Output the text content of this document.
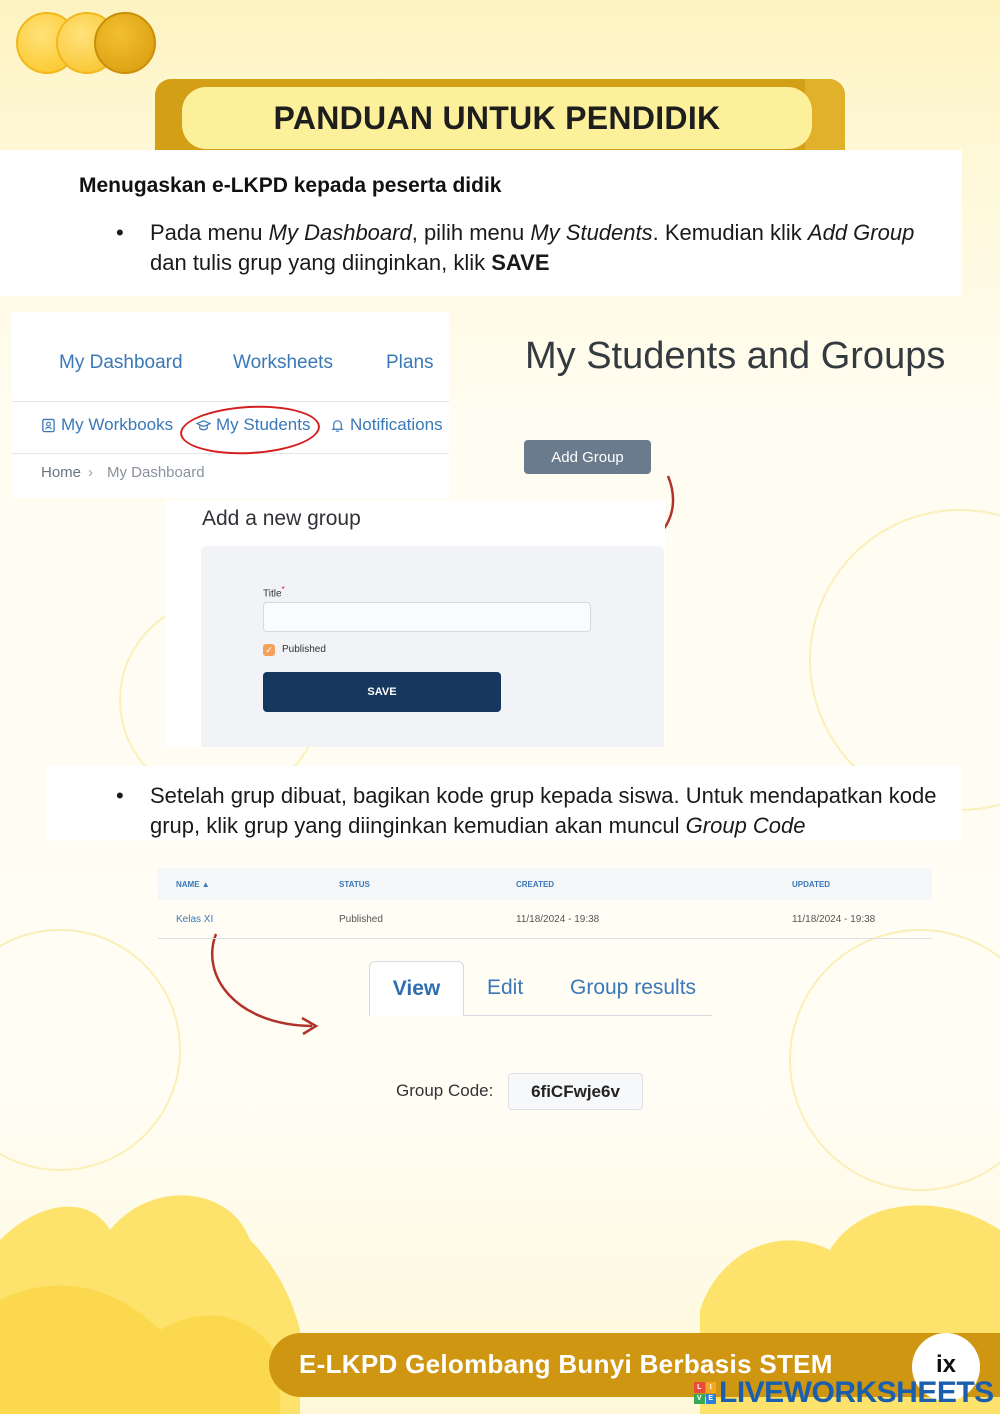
PANDUAN UNTUK PENDIDIK
Menugaskan e-LKPD kepada peserta didik
• Pada menu My Dashboard, pilih menu My Students. Kemudian klik Add Group dan tulis grup yang diinginkan, klik SAVE
My Dashboard	Worksheets	Plans
My Workbooks	My Students Notifications
Home › My Dashboard
My Students and Groups
Add Group
Add a new group
Title*
✓ Published
SAVE
• Setelah grup dibuat, bagikan kode grup kepada siswa. Untuk mendapatkan kode grup, klik grup yang diinginkan kemudian akan muncul Group Code
NAME ▲	STATUS	CREATED	UPDATED
Kelas XI	Published	11/18/2024 - 19:38	11/18/2024 - 19:38
View	Edit Group results
Group Code:	6fiCFwje6v
E-LKPD Gelombang Bunyi Berbasis STEM	ix
L	I
V E LIVEWORKSHEETS
